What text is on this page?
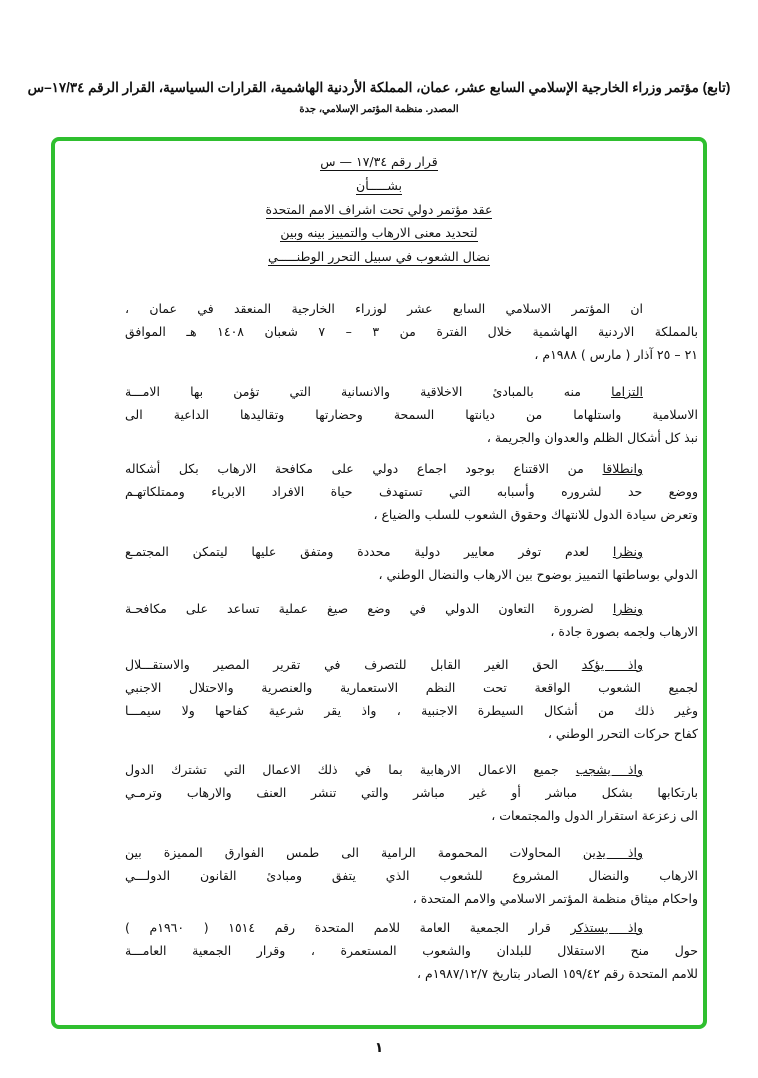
(تابع) مؤتمر وزراء الخارجية الإسلامي السابع عشر، عمان، المملكة الأردنية الهاشمية، القرارات السياسية، القرار الرقم ١٧/٣٤–س
المصدر. منظمة المؤتمر الإسلامي، جدة
قرار رقم ١٧/٣٤ — س
بشـــــأن
عقد مؤتمر دولي تحت اشراف الامم المتحدة
لتحديد معنى الارهاب والتمييز بينه وبين
نضال الشعوب في سبيل التحرر الوطنـــــي
ان المؤتمر الاسلامي السابع عشر لوزراء الخارجية المنعقد في عمان ،
بالمملكة الاردنية الهاشمية خلال الفترة من ٣ – ٧ شعبان ١٤٠٨ هـ الموافق
٢١ – ٢٥ آذار ( مارس ) ١٩٨٨م ،
التزاما منه بالمبادئ الاخلاقية والانسانية التي تؤمن بها الامـــة
الاسلامية واستلهاما من ديانتها السمحة وحضارتها وتقاليدها الداعية الى
نبذ كل أشكال الظلم والعدوان والجريمة ،
وانطلاقا من الاقتناع بوجود اجماع دولي على مكافحة الارهاب بكل أشكاله
ووضع حد لشروره وأسبابه التي تستهدف حياة الافراد الابرياء وممتلكاتهـم
وتعرض سيادة الدول للانتهاك وحقوق الشعوب للسلب والضياع ،
ونظرا لعدم توفر معايير دولية محددة ومتفق عليها ليتمكن المجتمـع
الدولي بوساطتها التمييز بوضوح بين الارهاب والنضال الوطني ،
ونظرا لضرورة التعاون الدولي في وضع صيغ عملية تساعد على مكافحـة
الارهاب ولجمه بصورة جادة ،
واذ يؤكد الحق الغير القابل للتصرف في تقرير المصير والاستقـــلال
لجميع الشعوب الواقعة تحت النظم الاستعمارية والعنصرية والاحتلال الاجنبي
وغير ذلك من أشكال السيطرة الاجنبية ، واذ يقر شرعية كفاحها ولا سيمـــا
كفاح حركات التحرر الوطني ،
واذ يشجب جميع الاعمال الارهابية بما في ذلك الاعمال التي تشترك الدول
بارتكابها بشكل مباشر أو غير مباشر والتي تنشر العنف والارهاب وترمـي
الى زعزعة استقرار الدول والمجتمعات ،
واذ يدين المحاولات المحمومة الرامية الى طمس الفوارق المميزة بين
الارهاب والنضال المشروع للشعوب الذي يتفق ومبادئ القانون الدولـــي
واحكام ميثاق منظمة المؤتمر الاسلامي والامم المتحدة ،
واذ يستذكر قرار الجمعية العامة للامم المتحدة رقم ١٥١٤ ( ١٩٦٠م )
حول منح الاستقلال للبلدان والشعوب المستعمرة ، وقرار الجمعية العامـــة
للامم المتحدة رقم ١٥٩/٤٢ الصادر بتاريخ ١٩٨٧/١٢/٧م ،
١
